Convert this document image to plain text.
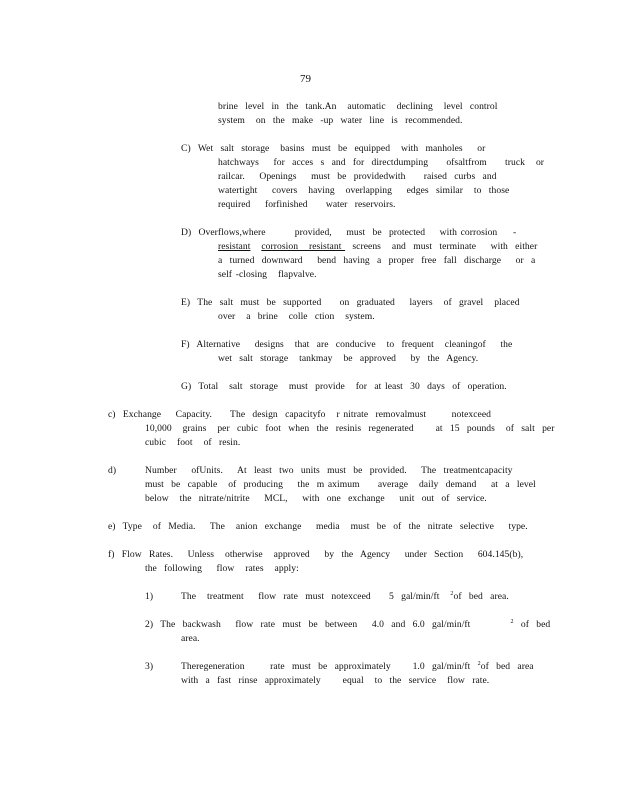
79
brine  level  in  the  tank.An   automatic   declining   level  control
system   on  the  make  -up  water  line  is  recommended.
C)  Wet  salt  storage   basins  must  be  equipped   with  manholes    or
hatchways    for  acces  s  and  for  directdumping     ofsaltfrom     truck   or
railcar.    Openings    must  be  providedwith     raised  curbs  and
watertight    covers   having   overlapping    edges  similar   to  those
required    forfinished     water  reservoirs.
D)  Overflows,where        provided,    must  be  protected    with corrosion -
resistant corrosion   resistant   screens   and  must  terminate    with  either
a  turned  downward    bend  having  a  proper  free  fall  discharge    or  a
self -closing   flapvalve.
E)  The  salt  must  be  supported     on  graduated    layers   of  gravel   placed
over   a  brine   colle  ction   system.
F)  Alternative    designs   that  are  conducive   to  frequent   cleaningof    the
wet  salt  storage   tankmay   be  approved    by  the  Agency.
G)  Total   salt  storage   must  provide   for  at least  30  days  of  operation.
c)  Exchange    Capacity.     The  design  capacityfo   r nitrate  removalmust       notexceed
10,000   grains   per  cubic  foot  when  the  resinis  regenerated      at  15  pounds   of  salt  per
cubic   foot   of  resin.
d)	Number    ofUnits.    At  least  two  units  must  be  provided.    The  treatmentcapacity
must  be  capable   of  producing    the  m aximum     average   daily  demand    at  a  level
below   the  nitrate/nitrite    MCL,    with  one  exchange    unit  out  of  service.
e)  Type   of  Media.    The   anion  exchange    media   must  be  of  the  nitrate  selective    type.
f)  Flow  Rates.    Unless   otherwise   approved    by  the  Agency    under  Section    604.145(b),
the  following    flow   rates   apply:
1)	The   treatment    flow  rate  must  notexceed     5  gal/min/ft $^2$of  bed  area.
2)  The  backwash    flow  rate  must  be  between    4.0  and  6.0  gal/min/ft	$^2$ of  bed
area.
3)	Theregeneration       rate  must  be  approximately      1.0  gal/min/ft $^2$of  bed  area
with  a  fast  rinse  approximately      equal   to  the  service   flow  rate.
